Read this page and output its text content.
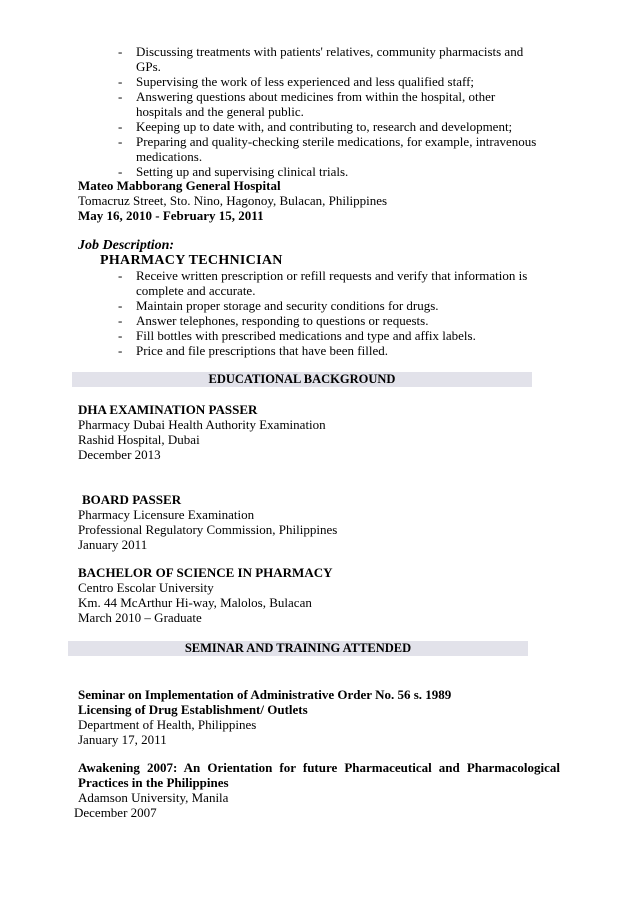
- Discussing treatments with patients' relatives, community pharmacists and GPs.
- Supervising the work of less experienced and less qualified staff;
- Answering questions about medicines from within the hospital, other hospitals and the general public.
- Keeping up to date with, and contributing to, research and development;
- Preparing and quality-checking sterile medications, for example, intravenous medications.
- Setting up and supervising clinical trials.
Mateo Mabborang General Hospital
Tomacruz Street, Sto. Nino, Hagonoy, Bulacan, Philippines
May 16, 2010 - February 15, 2011
Job Description:
PHARMACY TECHNICIAN
- Receive written prescription or refill requests and verify that information is complete and accurate.
- Maintain proper storage and security conditions for drugs.
- Answer telephones, responding to questions or requests.
- Fill bottles with prescribed medications and type and affix labels.
- Price and file prescriptions that have been filled.
EDUCATIONAL BACKGROUND
DHA EXAMINATION PASSER
Pharmacy Dubai Health Authority Examination
Rashid Hospital, Dubai
December 2013
BOARD PASSER
Pharmacy Licensure Examination
Professional Regulatory Commission, Philippines
January 2011
BACHELOR OF SCIENCE IN PHARMACY
Centro Escolar University
Km. 44 McArthur Hi-way, Malolos, Bulacan
March 2010 – Graduate
SEMINAR AND TRAINING ATTENDED
Seminar on Implementation of Administrative Order No. 56 s. 1989
Licensing of Drug Establishment/ Outlets
Department of Health, Philippines
January 17, 2011
Awakening 2007: An Orientation for future Pharmaceutical and Pharmacological Practices in the Philippines
Adamson University, Manila
December 2007
